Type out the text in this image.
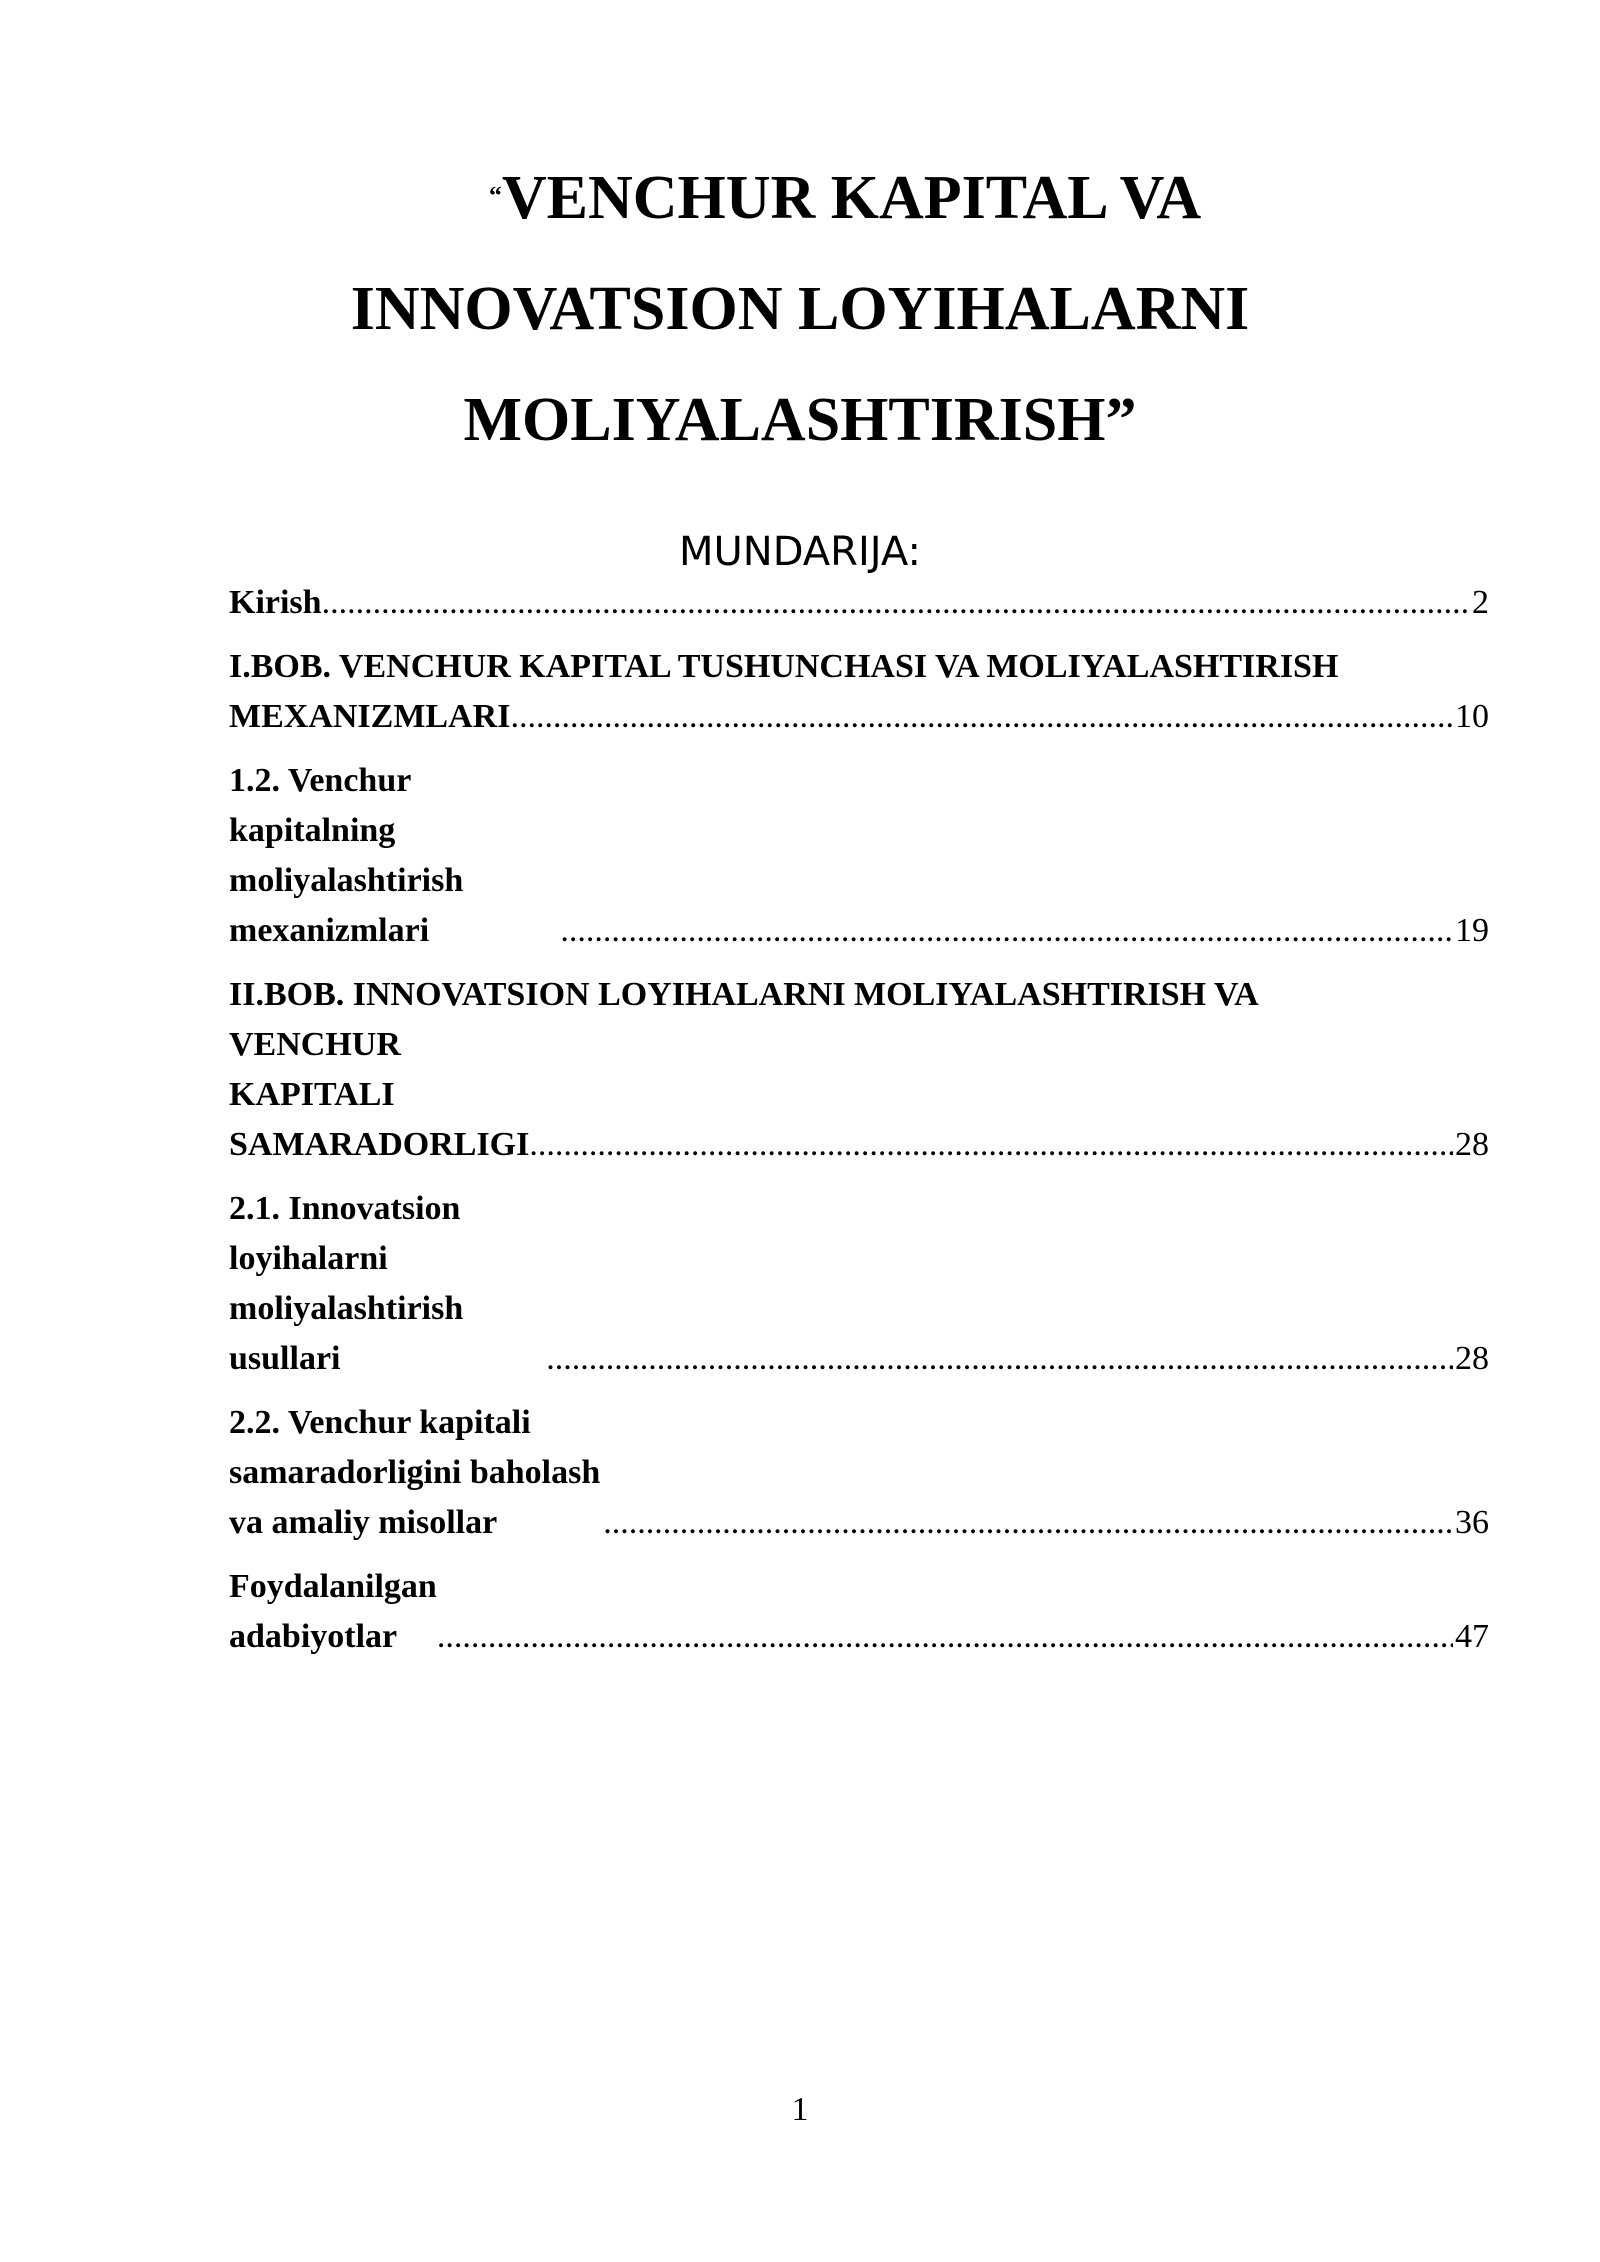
“VENCHUR KAPITAL VA
INNOVATSION LOYIHALARNI
MOLIYALASHTIRISH”
MUNDARIJA:
Kirish .....	2
I.BOB. VENCHUR KAPITAL TUSHUNCHASI VA MOLIYALASHTIRISH
MEXANIZMLARI .....	10
1.2. Venchur kapitalning moliyalashtirish mexanizmlari .....	19
II.BOB. INNOVATSION LOYIHALARNI MOLIYALASHTIRISH VA
VENCHUR KAPITALI SAMARADORLIGI .....	28
2.1. Innovatsion loyihalarni moliyalashtirish usullari .....	28
2.2. Venchur kapitali samaradorligini baholash va amaliy misollar .....	36
Foydalanilgan adabiyotlar .....	47
1
